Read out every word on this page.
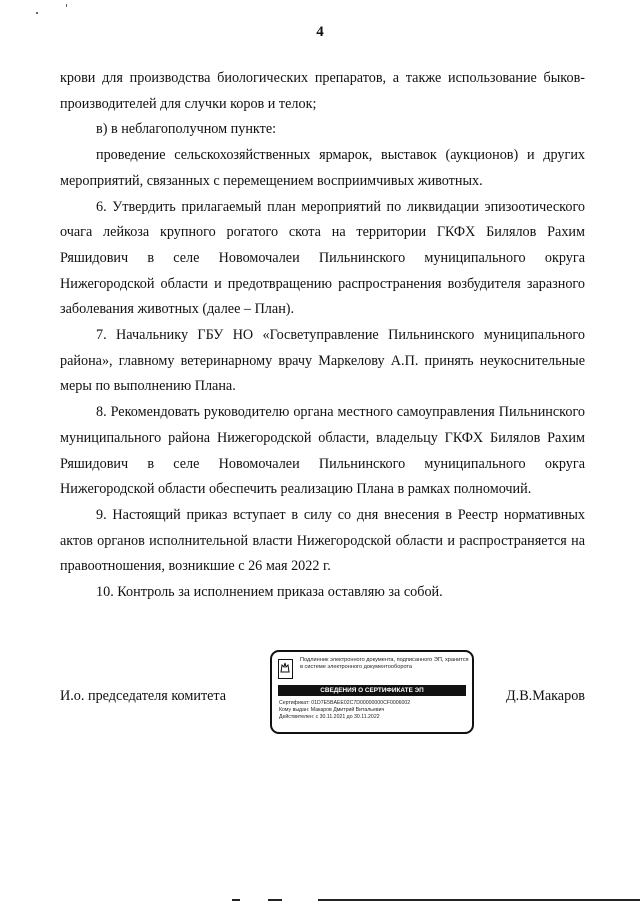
4

крови для производства биологических препаратов, а также использование быков-производителей для случки коров и телок;

в) в неблагополучном пункте:

проведение сельскохозяйственных ярмарок, выставок (аукционов) и других мероприятий, связанных с перемещением восприимчивых животных.

6. Утвердить прилагаемый план мероприятий по ликвидации эпизоотического очага лейкоза крупного рогатого скота на территории ГКФХ Билялов Рахим Ряшидович в селе Новомочалеи Пильнинского муниципального округа Нижегородской области и предотвращению распространения возбудителя заразного заболевания животных (далее – План).

7. Начальнику ГБУ НО «Госветуправление Пильнинского муниципального района», главному ветеринарному врачу Маркелову А.П. принять неукоснительные меры по выполнению Плана.

8. Рекомендовать руководителю органа местного самоуправления Пильнинского муниципального района Нижегородской области, владельцу ГКФХ Билялов Рахим Ряшидович в селе Новомочалеи Пильнинского муниципального округа Нижегородской области обеспечить реализацию Плана в рамках полномочий.

9. Настоящий приказ вступает в силу со дня внесения в Реестр нормативных актов органов исполнительной власти Нижегородской области и распространяется на правоотношения, возникшие с 26 мая 2022 г.

10. Контроль за исполнением приказа оставляю за собой.

И.о. председателя комитета
Подлинник электронного документа, подписанного ЭП, хранится в системе электронного документооборота
СВЕДЕНИЯ О СЕРТИФИКАТЕ ЭП
Сертификат: 01D7E5BAEE02C7D00000000CF0006002
Кому выдан: Макаров Дмитрий Витальевич
Действителен: с 30.11.2021 до 30.11.2022
Д.В.Макаров
